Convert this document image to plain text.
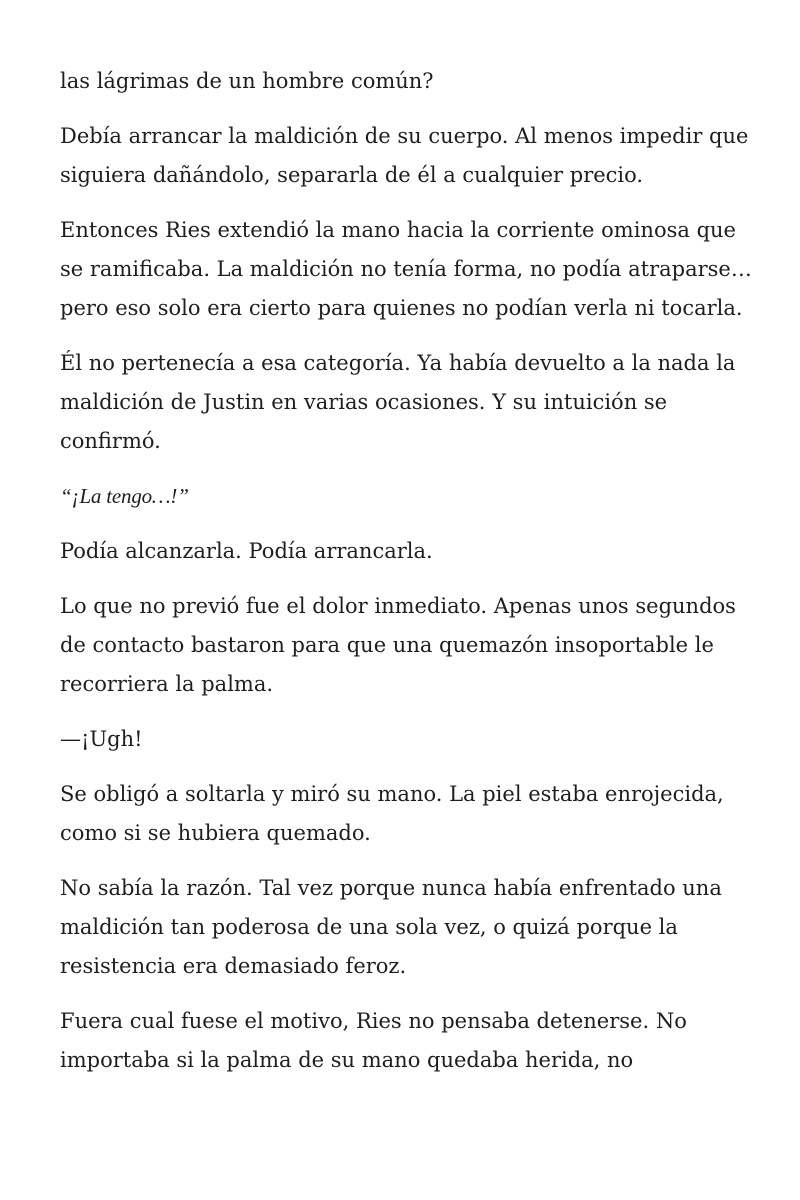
las lágrimas de un hombre común?

Debía arrancar la maldición de su cuerpo. Al menos impedir que siguiera dañándolo, separarla de él a cualquier precio.

Entonces Ries extendió la mano hacia la corriente ominosa que se ramificaba. La maldición no tenía forma, no podía atraparse… pero eso solo era cierto para quienes no podían verla ni tocarla.

Él no pertenecía a esa categoría. Ya había devuelto a la nada la maldición de Justin en varias ocasiones. Y su intuición se confirmó.

“¡La tengo…!”

Podía alcanzarla. Podía arrancarla.

Lo que no previó fue el dolor inmediato. Apenas unos segundos de contacto bastaron para que una quemazón insoportable le recorriera la palma.

—¡Ugh!

Se obligó a soltarla y miró su mano. La piel estaba enrojecida, como si se hubiera quemado.

No sabía la razón. Tal vez porque nunca había enfrentado una maldición tan poderosa de una sola vez, o quizá porque la resistencia era demasiado feroz.

Fuera cual fuese el motivo, Ries no pensaba detenerse. No importaba si la palma de su mano quedaba herida, no
